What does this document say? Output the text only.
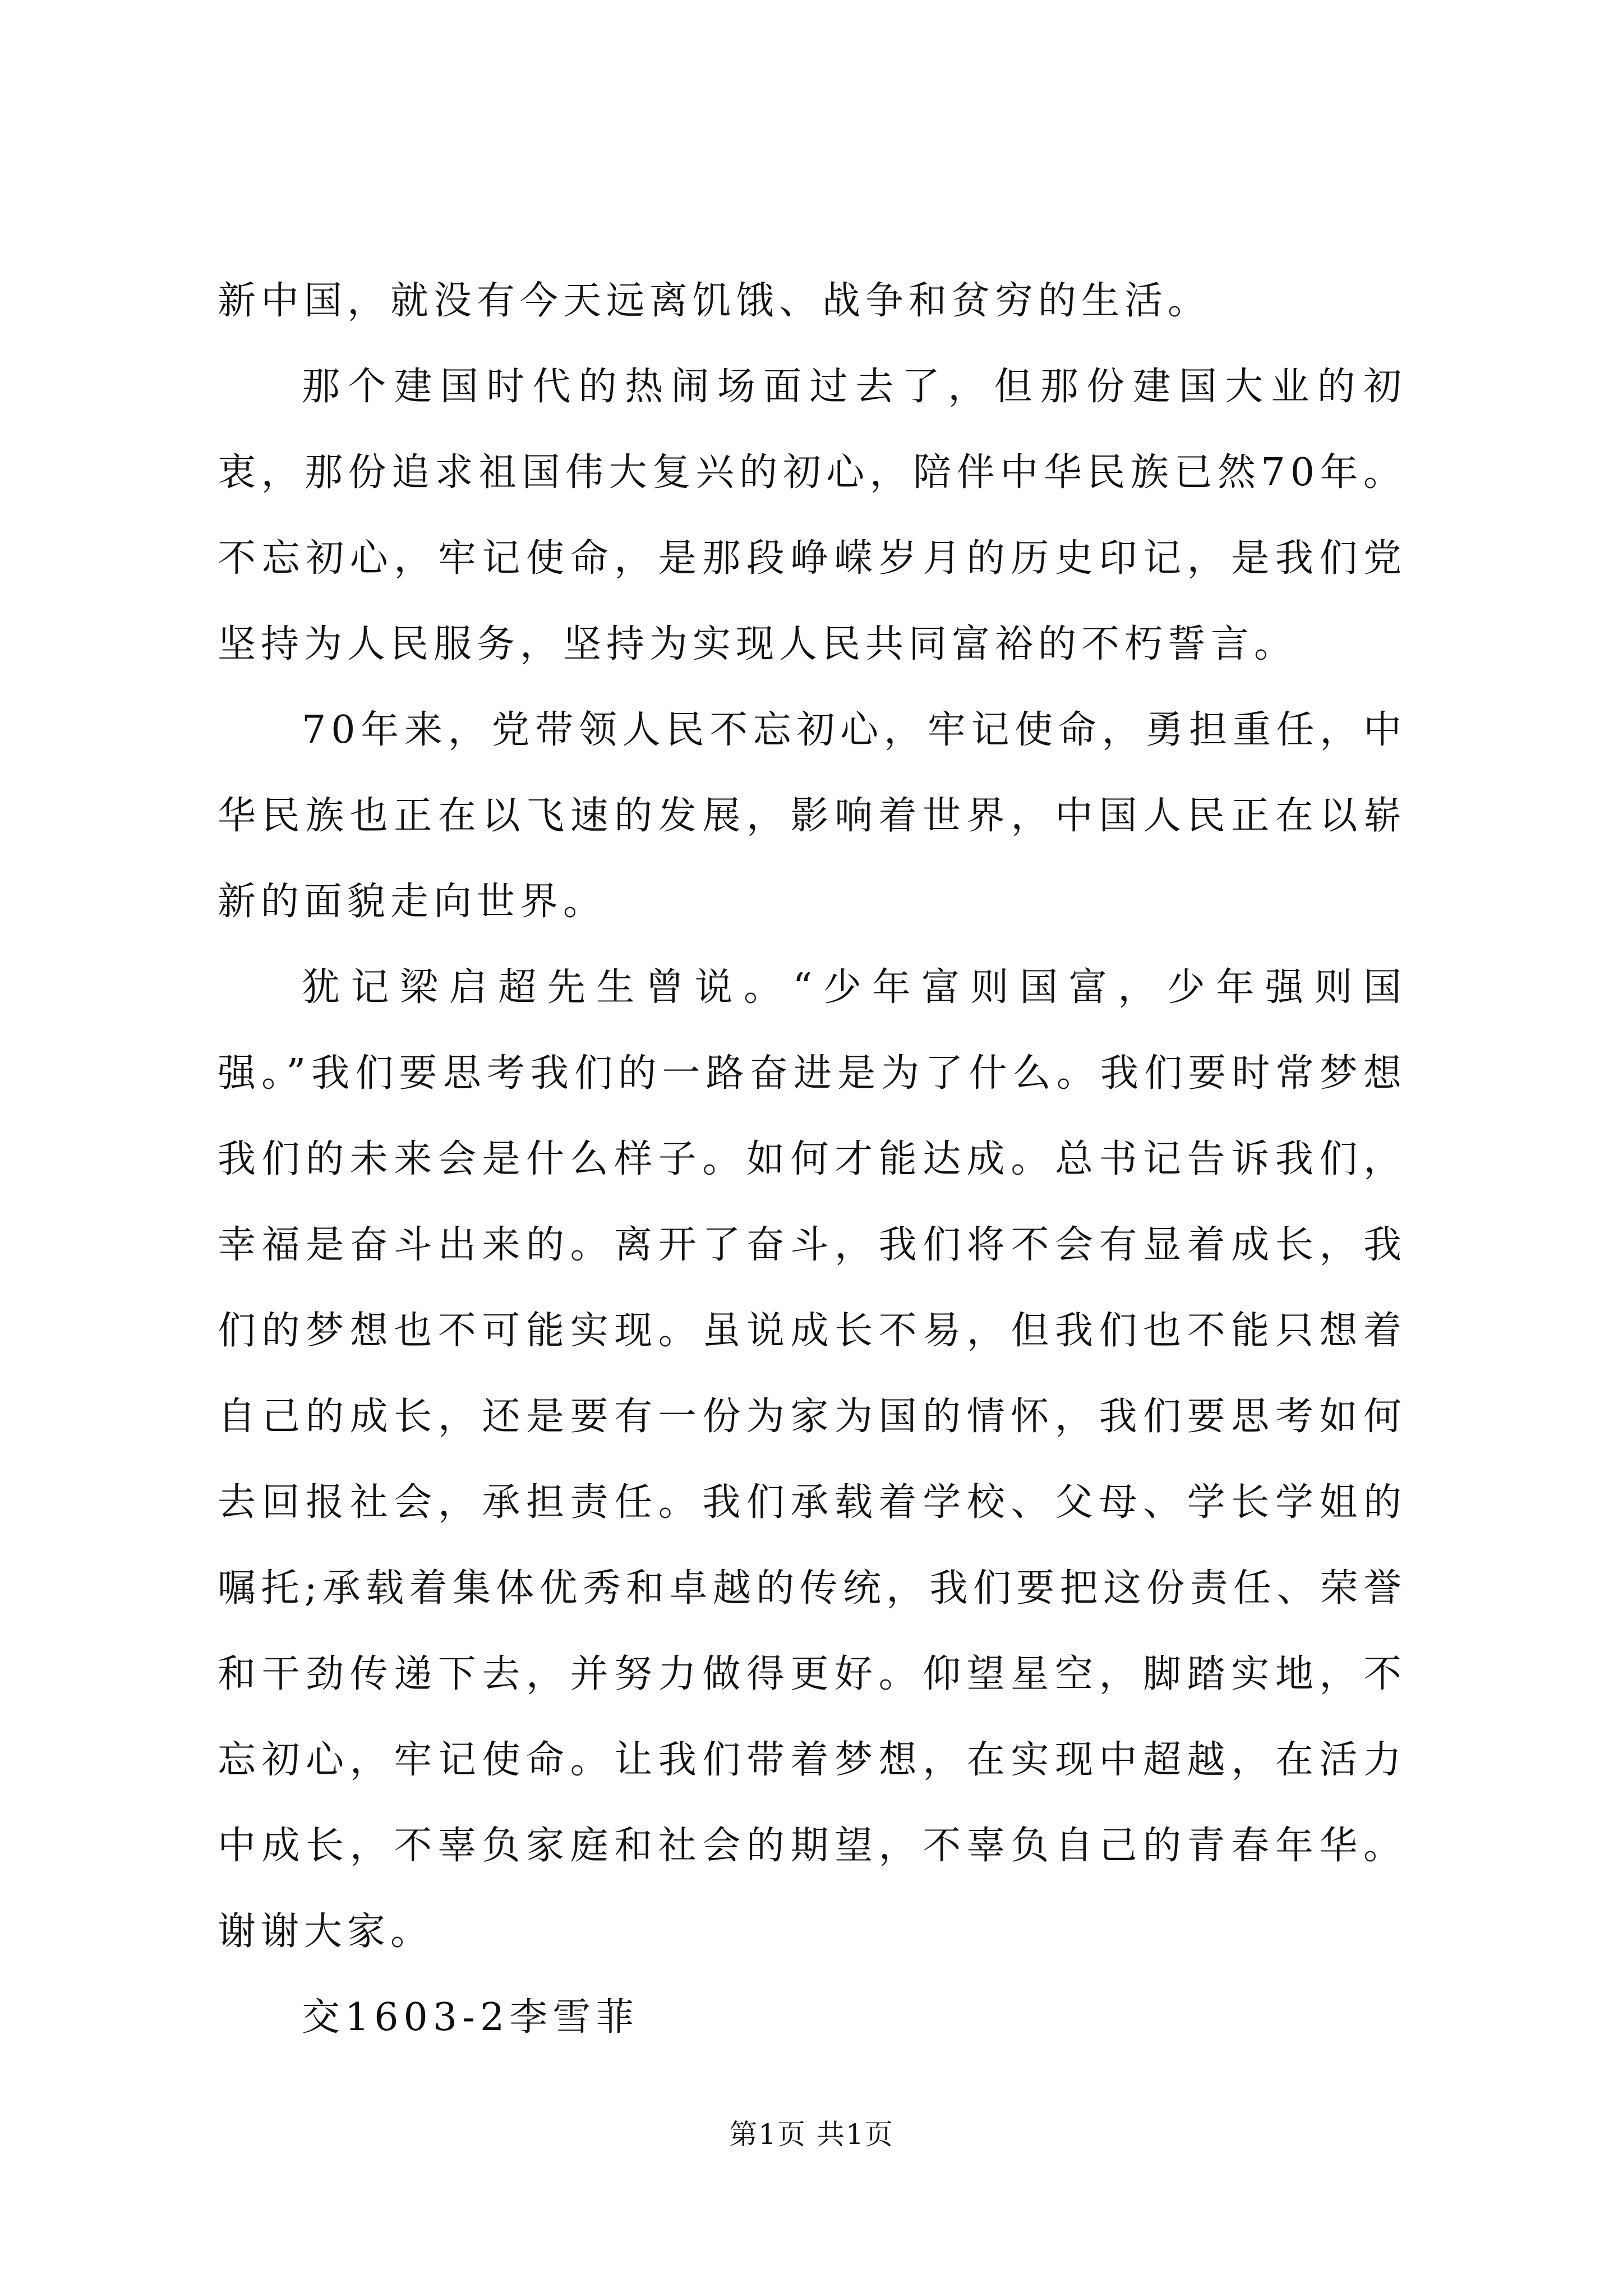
新中国，就没有今天远离饥饿、战争和贫穷的生活。

那个建国时代的热闹场面过去了，但那份建国大业的初衷，那份追求祖国伟大复兴的初心，陪伴中华民族已然70年。不忘初心，牢记使命，是那段峥嵘岁月的历史印记，是我们党坚持为人民服务，坚持为实现人民共同富裕的不朽誓言。

70年来，党带领人民不忘初心，牢记使命，勇担重任，中华民族也正在以飞速的发展，影响着世界，中国人民正在以崭新的面貌走向世界。

犹记梁启超先生曾说。“少年富则国富，少年强则国强。”我们要思考我们的一路奋进是为了什么。我们要时常梦想我们的未来会是什么样子。如何才能达成。总书记告诉我们，幸福是奋斗出来的。离开了奋斗，我们将不会有显着成长，我们的梦想也不可能实现。虽说成长不易，但我们也不能只想着自己的成长，还是要有一份为家为国的情怀，我们要思考如何去回报社会，承担责任。我们承载着学校、父母、学长学姐的嘱托;承载着集体优秀和卓越的传统，我们要把这份责任、荣誉和干劲传递下去，并努力做得更好。仰望星空，脚踏实地，不忘初心，牢记使命。让我们带着梦想，在实现中超越，在活力中成长，不辜负家庭和社会的期望，不辜负自己的青春年华。谢谢大家。

交1603-2李雪菲

第1页 共1页
